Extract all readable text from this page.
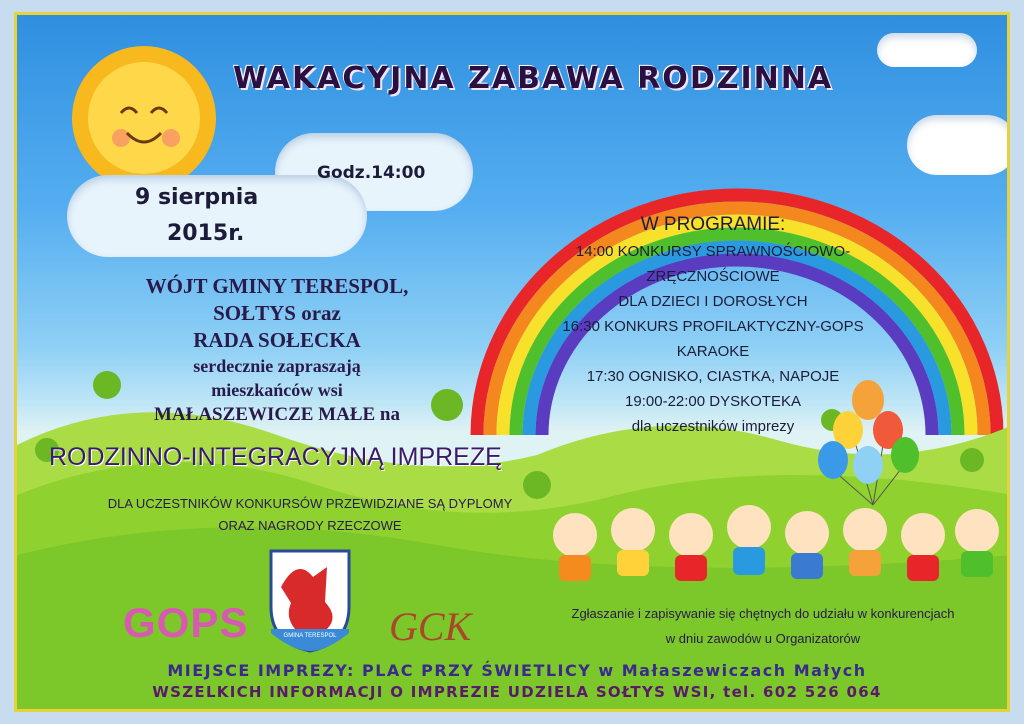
WAKACYJNA ZABAWA RODZINNA
Godz.14:00
9 sierpnia
2015r.
WÓJT GMINY TERESPOL,
SOŁTYS oraz
RADA SOŁECKA
serdecznie zapraszają
mieszkańców wsi
MAŁASZEWICZE MAŁE na
RODZINNO-INTEGRACYJNĄ IMPREZĘ
DLA UCZESTNIKÓW KONKURSÓW PRZEWIDZIANE SĄ DYPLOMY
ORAZ NAGRODY RZECZOWE
W PROGRAMIE:
14:00 KONKURSY SPRAWNOŚCIOWO-
ZRĘCZNOŚCIOWE
DLA DZIECI I DOROSŁYCH
16:30 KONKURS PROFILAKTYCZNY-GOPS
KARAOKE
17:30 OGNISKO, CIASTKA, NAPOJE
19:00-22:00 DYSKOTEKA
dla uczestników imprezy
GOPS	GMINA TERESPOL	GCK	Zgłaszanie i zapisywanie się chętnych do udziału w konkurencjach
w dniu zawodów u Organizatorów
MIEJSCE IMPREZY: PLAC PRZY ŚWIETLICY w Małaszewiczach Małych
WSZELKICH INFORMACJI O IMPREZIE UDZIELA SOŁTYS WSI, tel. 602 526 064
